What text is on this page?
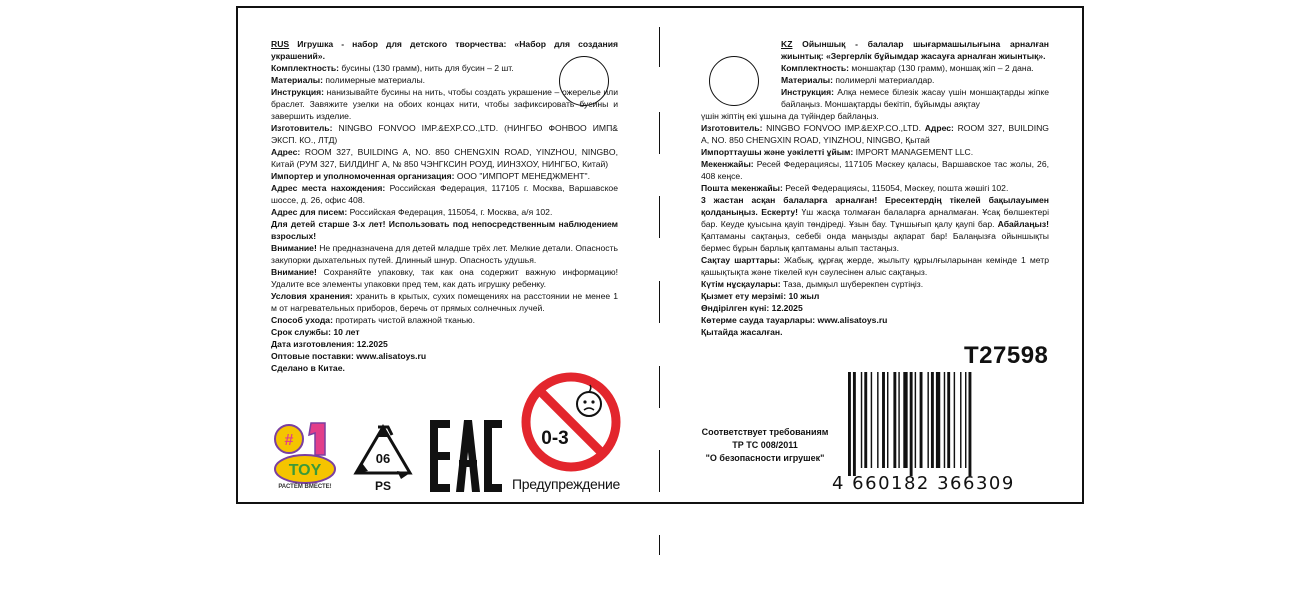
RUS Игрушка - набор для детского творчества: «Набор для создания украшений».

Комплектность: бусины (130 грамм), нить для бусин – 2 шт.

Материалы: полимерные материалы.

Инструкция: нанизывайте бусины на нить, чтобы создать украшение – ожерелье или браслет. Завяжите узелки на обоих концах нити, чтобы зафиксировать бусины и завершить изделие.

Изготовитель: NINGBO FONVOO IMP.&EXP.CO.,LTD. (НИНГБО ФОНВОО ИМП& ЭКСП. КО., ЛТД)

Адрес: ROOM 327, BUILDING A, NO. 850 CHENGXIN ROAD, YINZHOU, NINGBO, Китай (РУМ 327, БИЛДИНГ А, № 850 ЧЭНГКСИН РОУД, ИИНЗХОУ, НИНГБО, Китай)

Импортер и уполномоченная организация: ООО "ИМПОРТ МЕНЕДЖМЕНТ".

Адрес места нахождения: Российская Федерация, 117105 г. Москва, Варшавское шоссе, д. 26, офис 408.

Адрес для писем: Российская Федерация, 115054, г. Москва, а/я 102.

Для детей старше 3-х лет! Использовать под непосредственным наблюдением взрослых!

Внимание! Не предназначена для детей младше трёх лет. Мелкие детали. Опасность закупорки дыхательных путей. Длинный шнур. Опасность удушья.

Внимание! Сохраняйте упаковку, так как она содержит важную информацию! Удалите все элементы упаковки пред тем, как дать игрушку ребенку.

Условия хранения: хранить в крытых, сухих помещениях на расстоянии не менее 1 м от нагревательных приборов, беречь от прямых солнечных лучей.

Способ ухода: протирать чистой влажной тканью.

Срок службы: 10 лет

Дата изготовления: 12.2025

Оптовые поставки: www.alisatoys.ru

Сделано в Китае.

KZ Ойыншық - балалар шығармашылығына арналған жиынтық: «Зергерлік бұйымдар жасауға арналған жиынтық».

Комплектность: моншақтар (130 грамм), моншақ жіп – 2 дана.

Материалы: полимерлі материалдар.

Инструкция: Алқа немесе білезік жасау үшін моншақтарды жіпке байлаңыз. Моншақтарды бекітіп, бұйымды аяқтау

үшін жіптің екі ұшына да түйіндер байлаңыз.

Изготовитель: NINGBO FONVOO IMP.&EXP.CO.,LTD. Адрес: ROOM 327, BUILDING A, NO. 850 CHENGXIN ROAD, YINZHOU, NINGBO, Қытай

Импорттаушы және уәкілетті ұйым: IMPORT MANAGEMENT LLC.

Мекенжайы: Ресей Федерациясы, 117105 Мәскеу қаласы, Варшавское тас жолы, 26, 408 кеңсе.

Пошта мекенжайы: Ресей Федерациясы, 115054, Мәскеу, пошта жәшігі 102.

3 жастан асқан балаларға арналған! Ересектердің тікелей бақылауымен қолданыңыз. Ескерту! Үш жасқа толмаған балаларға арналмаған. Ұсақ бөлшектері бар. Кеуде қуысына қауіп төндіреді. Ұзын бау. Тұншығып қалу қаупі бар. Абайлаңыз! Қаптаманы сақтаңыз, себебі онда маңызды ақпарат бар! Балаңызға ойыншықты бермес бұрын барлық қаптаманы алып тастаңыз.

Сақтау шарттары: Жабық, құрғақ жерде, жылыту құрылғыларынан кемінде 1 метр қашықтықта және тікелей күн сәулесінен алыс сақтаңыз.

Күтім нұсқаулары: Таза, дымқыл шүберекпен сүртіңіз.

Қызмет ету мерзімі: 10 жыл

Өндірілген күні: 12.2025

Көтерме сауда тауарлары: www.alisatoys.ru

Қытайда жасалған.

T27598
4 660182 366309
Соответствует требованиям
ТР ТС 008/2011
"О безопасности игрушек"
#
TOY
РАСТЁМ ВМЕСТЕ!
06
PS
0-3
Предупреждение
